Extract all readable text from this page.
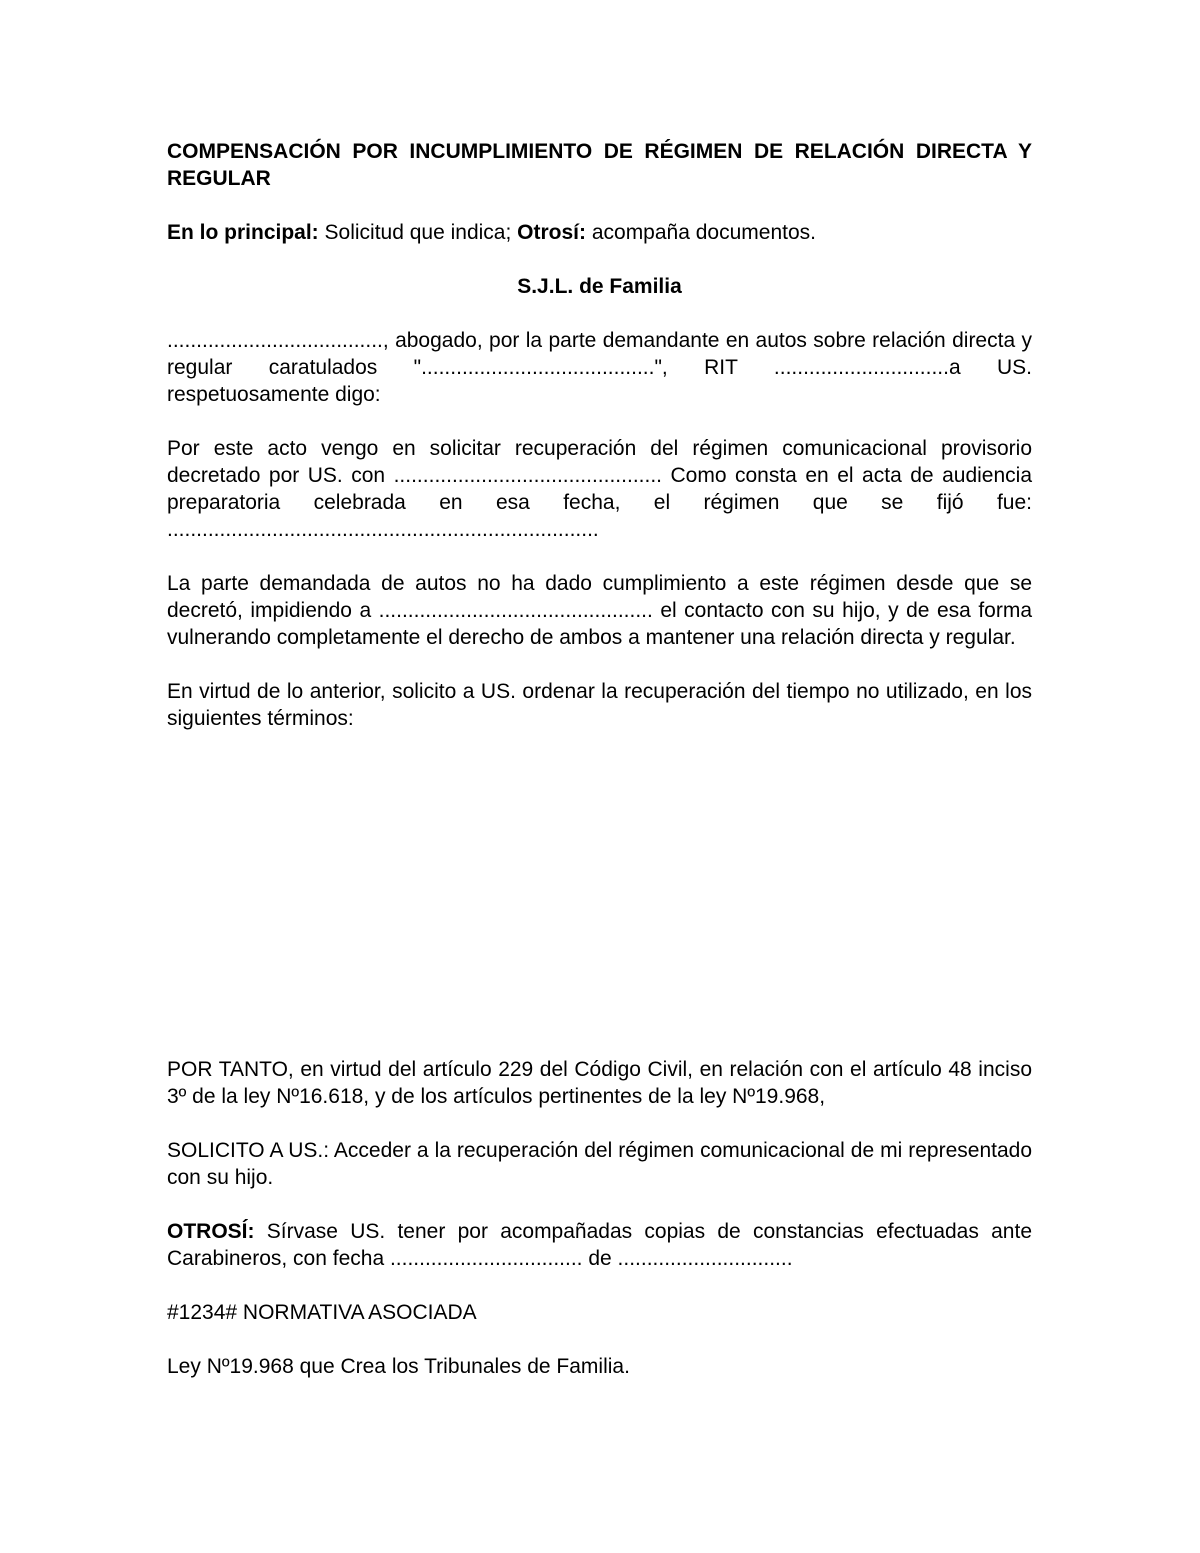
COMPENSACIÓN POR INCUMPLIMIENTO DE RÉGIMEN DE RELACIÓN DIRECTA Y REGULAR

En lo principal: Solicitud que indica; Otrosí: acompaña documentos.

S.J.L. de Familia

....................................., abogado, por la parte demandante en autos sobre relación directa y regular caratulados "........................................", RIT ..............................a US. respetuosamente digo:

Por este acto vengo en solicitar recuperación del régimen comunicacional provisorio decretado por US. con .............................................. Como consta en el acta de audiencia preparatoria celebrada en esa fecha, el régimen que se fijó fue: ..........................................................................

La parte demandada de autos no ha dado cumplimiento a este régimen desde que se decretó, impidiendo a ............................................... el contacto con su hijo, y de esa forma vulnerando completamente el derecho de ambos a mantener una relación directa y regular.

En virtud de lo anterior, solicito a US. ordenar la recuperación del tiempo no utilizado, en los siguientes términos:

POR TANTO, en virtud del artículo 229 del Código Civil, en relación con el artículo 48 inciso 3º de la ley Nº16.618, y de los artículos pertinentes de la ley Nº19.968,

SOLICITO A US.: Acceder a la recuperación del régimen comunicacional de mi representado con su hijo.

OTROSÍ: Sírvase US. tener por acompañadas copias de constancias efectuadas ante Carabineros, con fecha ................................. de ..............................

#1234# NORMATIVA ASOCIADA

Ley Nº19.968 que Crea los Tribunales de Familia.
